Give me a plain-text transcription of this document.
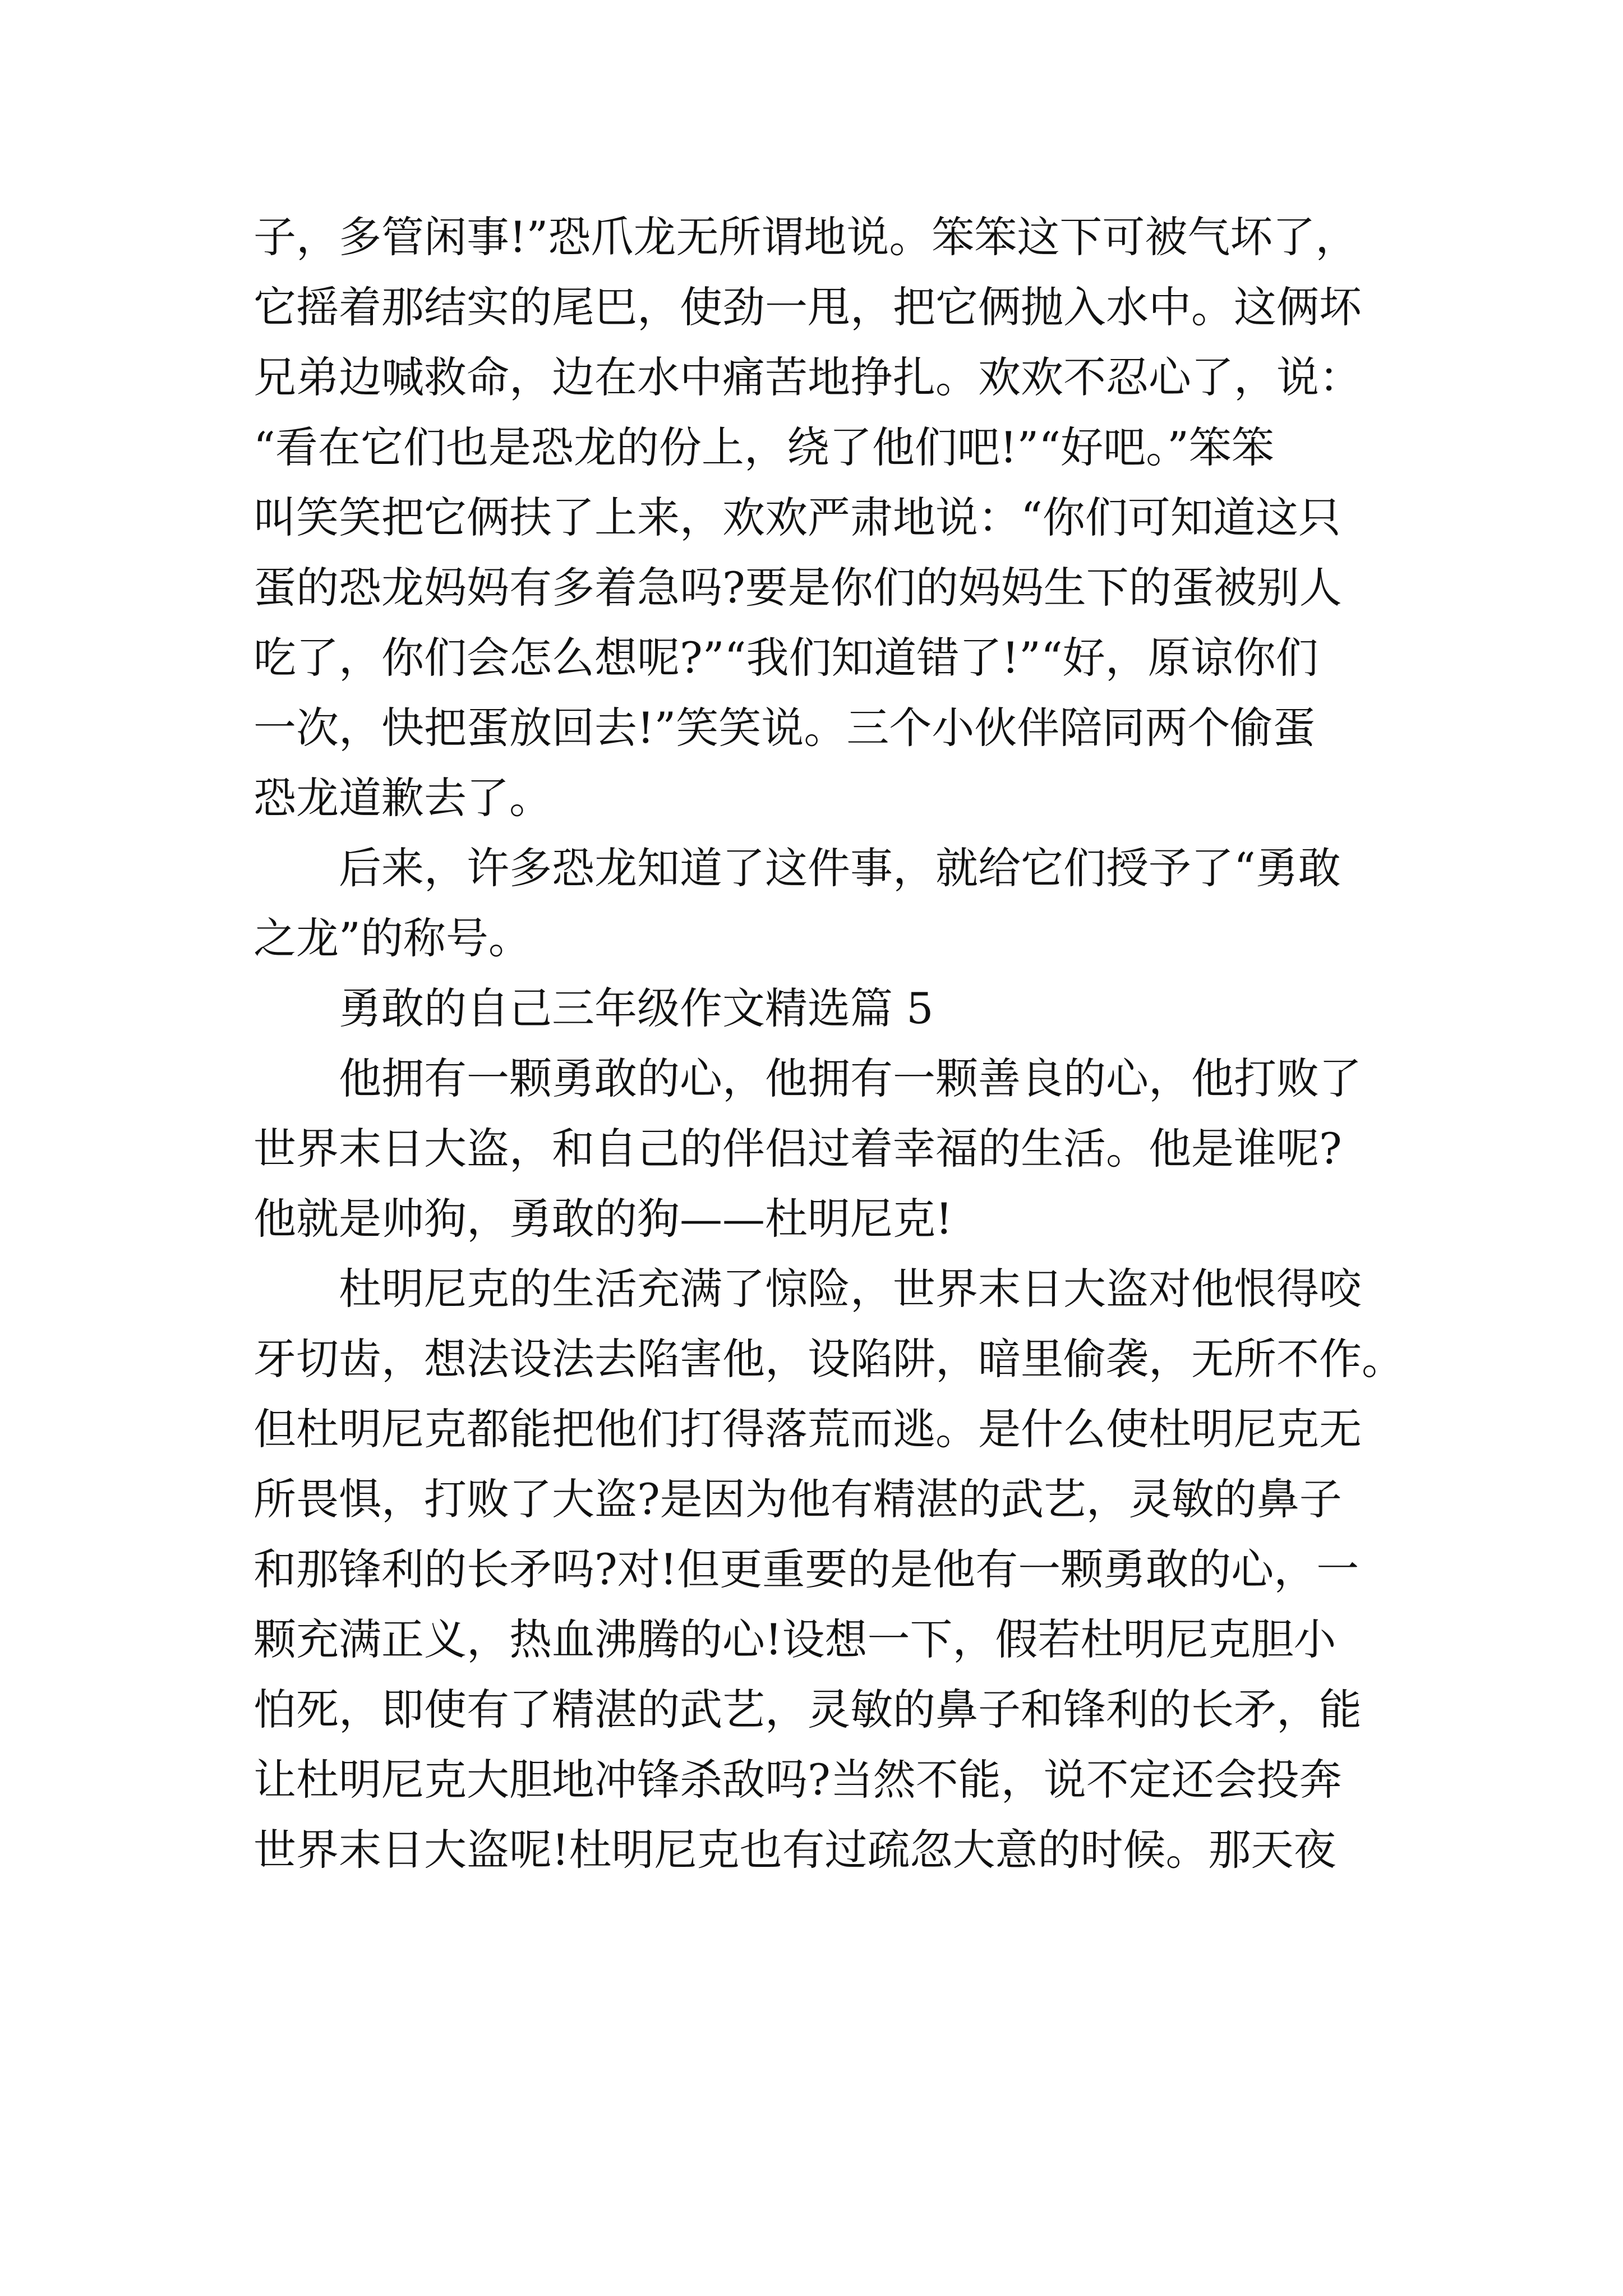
子，多管闲事!”恐爪龙无所谓地说。笨笨这下可被气坏了，
它摇着那结实的尾巴，使劲一甩，把它俩抛入水中。这俩坏
兄弟边喊救命，边在水中痛苦地挣扎。欢欢不忍心了，说：
“看在它们也是恐龙的份上，绕了他们吧!”“好吧。”笨笨
叫笑笑把它俩扶了上来，欢欢严肃地说：“你们可知道这只
蛋的恐龙妈妈有多着急吗?要是你们的妈妈生下的蛋被别人
吃了，你们会怎么想呢?”“我们知道错了!”“好，原谅你们
一次，快把蛋放回去!”笑笑说。三个小伙伴陪同两个偷蛋
恐龙道歉去了。
后来，许多恐龙知道了这件事，就给它们授予了“勇敢
之龙”的称号。
勇敢的自己三年级作文精选篇 5
他拥有一颗勇敢的心，他拥有一颗善良的心，他打败了
世界末日大盗，和自己的伴侣过着幸福的生活。他是谁呢?
他就是帅狗，勇敢的狗——杜明尼克!
杜明尼克的生活充满了惊险，世界末日大盗对他恨得咬
牙切齿，想法设法去陷害他，设陷阱，暗里偷袭，无所不作。
但杜明尼克都能把他们打得落荒而逃。是什么使杜明尼克无
所畏惧，打败了大盗?是因为他有精湛的武艺，灵敏的鼻子
和那锋利的长矛吗?对!但更重要的是他有一颗勇敢的心，一
颗充满正义，热血沸腾的心!设想一下，假若杜明尼克胆小
怕死，即使有了精湛的武艺，灵敏的鼻子和锋利的长矛，能
让杜明尼克大胆地冲锋杀敌吗?当然不能，说不定还会投奔
世界末日大盗呢!杜明尼克也有过疏忽大意的时候。那天夜
